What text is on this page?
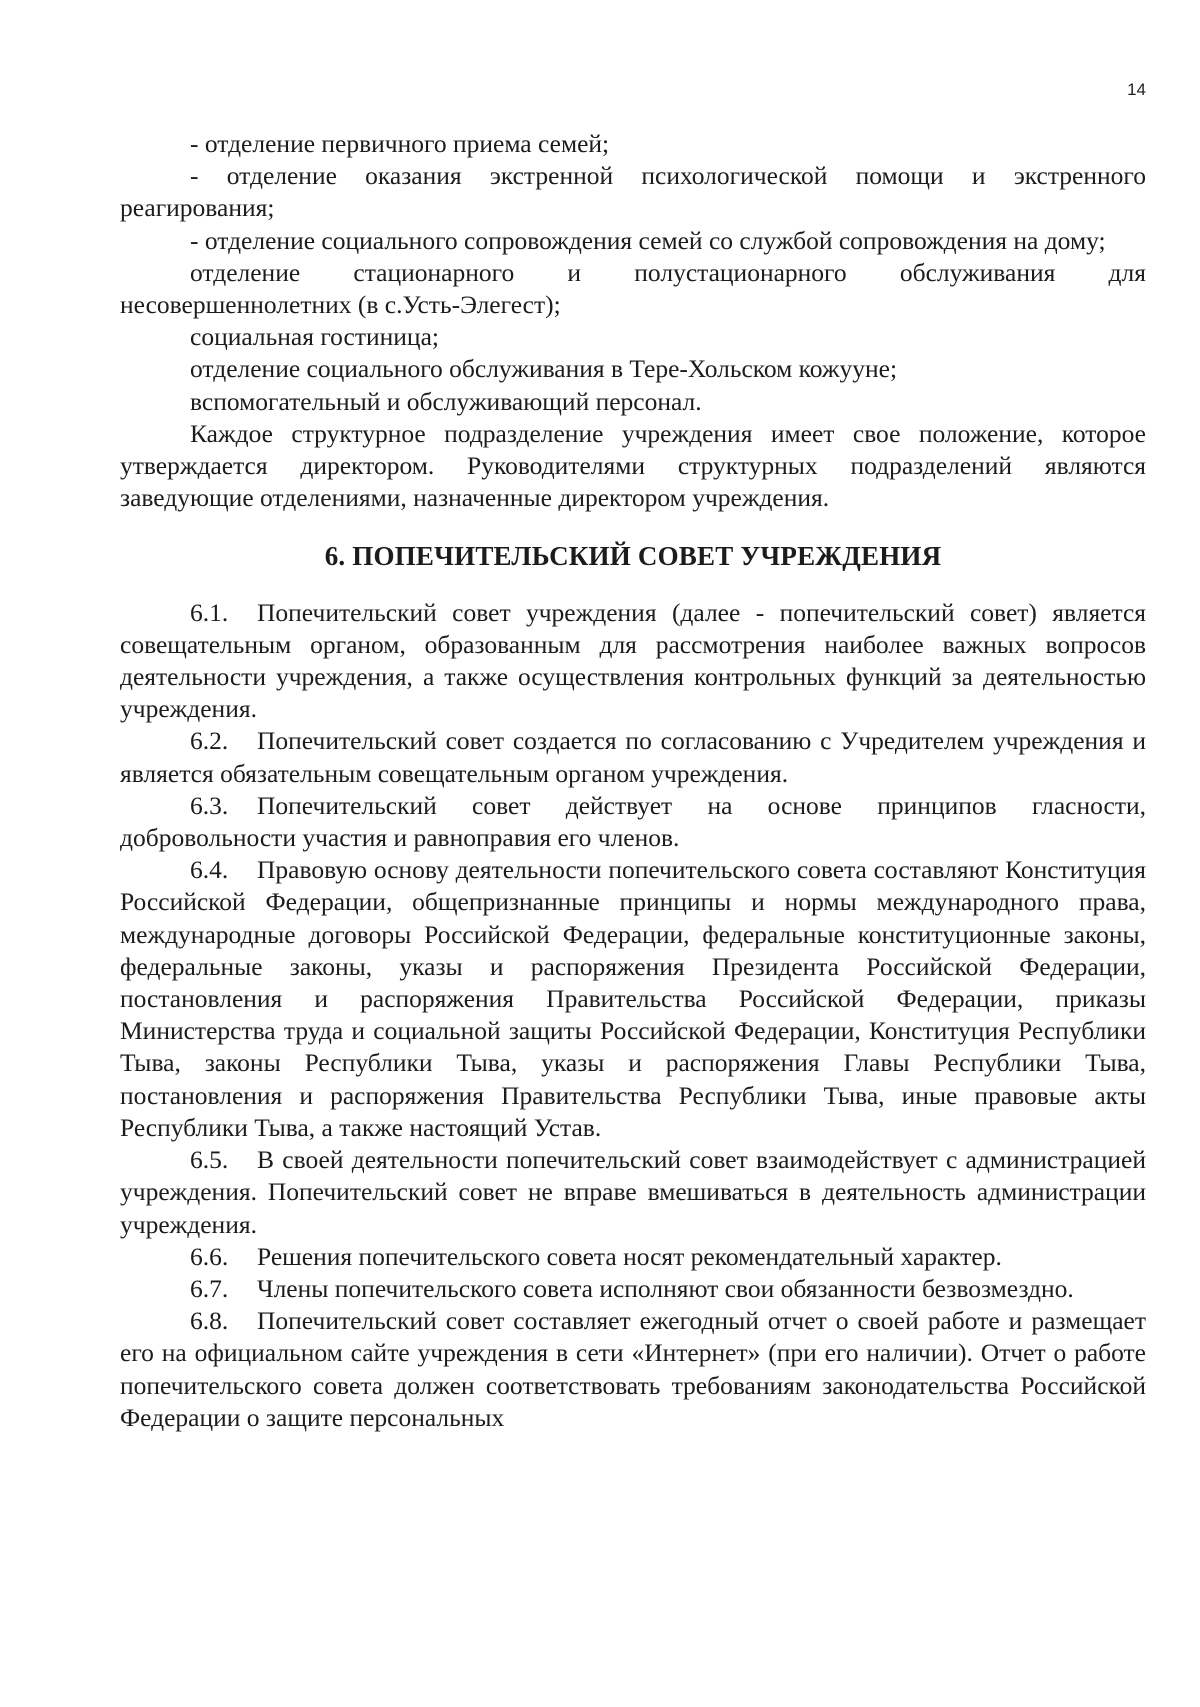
14

- отделение первичного приема семей;

- отделение оказания экстренной психологической помощи и экстренного реагирования;

- отделение социального сопровождения семей со службой сопровождения на дому;

отделение стационарного и полустационарного обслуживания для несовершеннолетних (в с.Усть-Элегест);

социальная гостиница;

отделение социального обслуживания в Тере-Хольском кожууне;

вспомогательный и обслуживающий персонал.

Каждое структурное подразделение учреждения имеет свое положение, которое утверждается директором. Руководителями структурных подразделений являются заведующие отделениями, назначенные директором учреждения.

6. ПОПЕЧИТЕЛЬСКИЙ СОВЕТ УЧРЕЖДЕНИЯ

6.1. Попечительский совет учреждения (далее - попечительский совет) является совещательным органом, образованным для рассмотрения наиболее важных вопросов деятельности учреждения, а также осуществления контрольных функций за деятельностью учреждения.

6.2. Попечительский совет создается по согласованию с Учредителем учреждения и является обязательным совещательным органом учреждения.

6.3. Попечительский совет действует на основе принципов гласности, добровольности участия и равноправия его членов.

6.4. Правовую основу деятельности попечительского совета составляют Конституция Российской Федерации, общепризнанные принципы и нормы международного права, международные договоры Российской Федерации, федеральные конституционные законы, федеральные законы, указы и распоряжения Президента Российской Федерации, постановления и распоряжения Правительства Российской Федерации, приказы Министерства труда и социальной защиты Российской Федерации, Конституция Республики Тыва, законы Республики Тыва, указы и распоряжения Главы Республики Тыва, постановления и распоряжения Правительства Республики Тыва, иные правовые акты Республики Тыва, а также настоящий Устав.

6.5. В своей деятельности попечительский совет взаимодействует с администрацией учреждения. Попечительский совет не вправе вмешиваться в деятельность администрации учреждения.

6.6. Решения попечительского совета носят рекомендательный характер.

6.7. Члены попечительского совета исполняют свои обязанности безвозмездно.

6.8. Попечительский совет составляет ежегодный отчет о своей работе и размещает его на официальном сайте учреждения в сети «Интернет» (при его наличии). Отчет о работе попечительского совета должен соответствовать требованиям законодательства Российской Федерации о защите персональных
